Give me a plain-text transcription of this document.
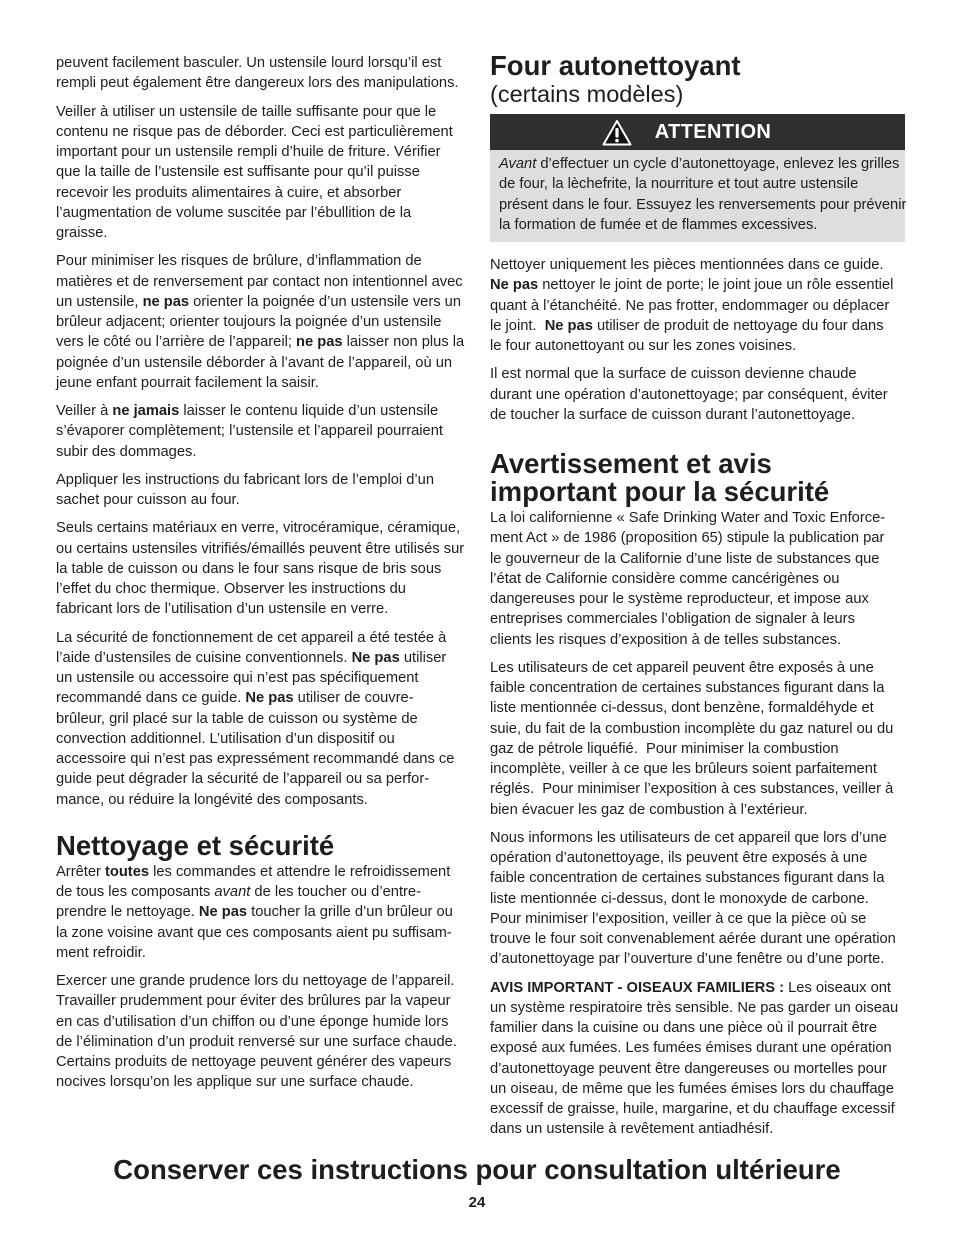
peuvent facilement basculer. Un ustensile lourd lorsqu’il est
rempli peut également être dangereux lors des manipulations.

Veiller à utiliser un ustensile de taille suffisante pour que le
contenu ne risque pas de déborder. Ceci est particulièrement
important pour un ustensile rempli d’huile de friture. Vérifier
que la taille de l’ustensile est suffisante pour qu’il puisse
recevoir les produits alimentaires à cuire, et absorber
l’augmentation de volume suscitée par l’ébullition de la
graisse.

Pour minimiser les risques de brûlure, d’inflammation de
matières et de renversement par contact non intentionnel avec
un ustensile, ne pas orienter la poignée d’un ustensile vers un
brûleur adjacent; orienter toujours la poignée d’un ustensile
vers le côté ou l’arrière de l’appareil; ne pas laisser non plus la
poignée d’un ustensile déborder à l’avant de l’appareil, où un
jeune enfant pourrait facilement la saisir.

Veiller à ne jamais laisser le contenu liquide d’un ustensile
s’évaporer complètement; l’ustensile et l’appareil pourraient
subir des dommages.

Appliquer les instructions du fabricant lors de l’emploi d’un
sachet pour cuisson au four.

Seuls certains matériaux en verre, vitrocéramique, céramique,
ou certains ustensiles vitrifiés/émaillés peuvent être utilisés sur
la table de cuisson ou dans le four sans risque de bris sous
l’effet du choc thermique. Observer les instructions du
fabricant lors de l’utilisation d’un ustensile en verre.

La sécurité de fonctionnement de cet appareil a été testée à
l’aide d’ustensiles de cuisine conventionnels. Ne pas utiliser
un ustensile ou accessoire qui n’est pas spécifiquement
recommandé dans ce guide. Ne pas utiliser de couvre-
brûleur, gril placé sur la table de cuisson ou système de
convection additionnel. L’utilisation d’un dispositif ou
accessoire qui n’est pas expressément recommandé dans ce
guide peut dégrader la sécurité de l’appareil ou sa perfor-
mance, ou réduire la longévité des composants.

Nettoyage et sécurité

Arrêter toutes les commandes et attendre le refroidissement
de tous les composants avant de les toucher ou d’entre-
prendre le nettoyage. Ne pas toucher la grille d’un brûleur ou
la zone voisine avant que ces composants aient pu suffisam-
ment refroidir.

Exercer une grande prudence lors du nettoyage de l’appareil.
Travailler prudemment pour éviter des brûlures par la vapeur
en cas d’utilisation d’un chiffon ou d’une éponge humide lors
de l’élimination d’un produit renversé sur une surface chaude.
Certains produits de nettoyage peuvent générer des vapeurs
nocives lorsqu’on les applique sur une surface chaude.

Four autonettoyant
(certains modèles)
ATTENTION

Avant d’effectuer un cycle d’autonettoyage, enlevez les grilles
de four, la lèchefrite, la nourriture et tout autre ustensile
présent dans le four. Essuyez les renversements pour prévenir
la formation de fumée et de flammes excessives.

Nettoyer uniquement les pièces mentionnées dans ce guide.
Ne pas nettoyer le joint de porte; le joint joue un rôle essentiel
quant à l’étanchéité. Ne pas frotter, endommager ou déplacer
le joint.  Ne pas utiliser de produit de nettoyage du four dans
le four autonettoyant ou sur les zones voisines.

Il est normal que la surface de cuisson devienne chaude
durant une opération d’autonettoyage; par conséquent, éviter
de toucher la surface de cuisson durant l’autonettoyage.

Avertissement et avis
important pour la sécurité

La loi californienne « Safe Drinking Water and Toxic Enforce-
ment Act » de 1986 (proposition 65) stipule la publication par
le gouverneur de la Californie d’une liste de substances que
l’état de Californie considère comme cancérigènes ou
dangereuses pour le système reproducteur, et impose aux
entreprises commerciales l’obligation de signaler à leurs
clients les risques d’exposition à de telles substances.

Les utilisateurs de cet appareil peuvent être exposés à une
faible concentration de certaines substances figurant dans la
liste mentionnée ci-dessus, dont benzène, formaldéhyde et
suie, du fait de la combustion incomplète du gaz naturel ou du
gaz de pétrole liquéfié.  Pour minimiser la combustion
incomplète, veiller à ce que les brûleurs soient parfaitement
réglés.  Pour minimiser l’exposition à ces substances, veiller à
bien évacuer les gaz de combustion à l’extérieur.

Nous informons les utilisateurs de cet appareil que lors d’une
opération d’autonettoyage, ils peuvent être exposés à une
faible concentration de certaines substances figurant dans la
liste mentionnée ci-dessus, dont le monoxyde de carbone.
Pour minimiser l’exposition, veiller à ce que la pièce où se
trouve le four soit convenablement aérée durant une opération
d’autonettoyage par l’ouverture d’une fenêtre ou d’une porte.

AVIS IMPORTANT - OISEAUX FAMILIERS : Les oiseaux ont
un système respiratoire très sensible. Ne pas garder un oiseau
familier dans la cuisine ou dans une pièce où il pourrait être
exposé aux fumées. Les fumées émises durant une opération
d’autonettoyage peuvent être dangereuses ou mortelles pour
un oiseau, de même que les fumées émises lors du chauffage
excessif de graisse, huile, margarine, et du chauffage excessif
dans un ustensile à revêtement antiadhésif.

Conserver ces instructions pour consultation ultérieure
24
